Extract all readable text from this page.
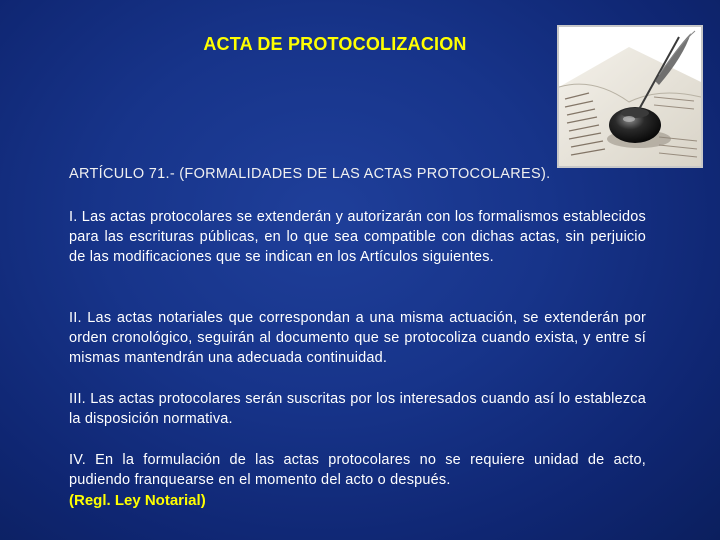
ACTA DE PROTOCOLIZACION
ARTÍCULO 71.- (FORMALIDADES DE LAS ACTAS PROTOCOLARES).
I. Las actas protocolares se extenderán y autorizarán con los formalismos establecidos para las escrituras públicas, en lo que sea compatible con dichas actas, sin perjuicio de las modificaciones que se indican en los Artículos siguientes.
II. Las actas notariales que correspondan a una misma actuación, se extenderán por orden cronológico, seguirán al documento que se protocoliza cuando exista, y entre sí mismas mantendrán una adecuada continuidad.
III. Las actas protocolares serán suscritas por los interesados cuando así lo establezca la disposición normativa.
IV. En la formulación de las actas protocolares no se requiere unidad de acto, pudiendo franquearse en el momento del acto o después.
(Regl. Ley Notarial)
